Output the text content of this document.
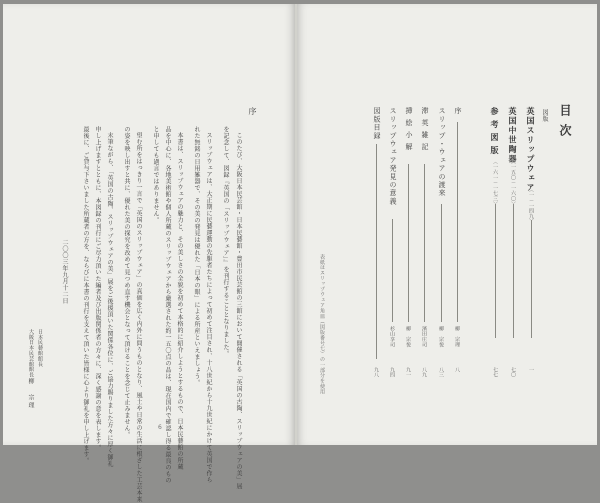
序
このたび、大阪日本民芸館・日本民藝館・豊田市民芸館の三館において開催される「英国の古陶、スリップウェアの美」展
を記念して、図録『英国の「スリップウェア」』を刊行することとなりました。
スリップウェアは、大正期に民藝運動の先駆者たちによって初めて注目され、十八世紀から十九世紀にかけて英国で作ら
れた無銘の日用雑器で、その美の発見は優れた「日本の眼」による所産といえましょう。
本書は、スリップウェアの魅力と、その美しさの全貌を初めて本格的に紹介しようとするもので、日本民藝館の所蔵
品を中心に、各地美術館や個人所蔵のスリップウェアから厳選された約一五〇点の品は、現在国内で確認し得る最良のもの
と申しても過言ではありません。
望む所をはっきり一言で「英国のスリップウェア」の真価を広く内外に問うものとなり、風土や日常の生活に根ざした工芸本来
の姿を映し出すと共に、優れた美の探究を改めて見つめ直す機会となって頂けることを念じて止みません。
末筆ながら、「英国の古陶、スリップウェアの美」展をご後援頂いた関係各位に、ご協力賜りました方々に厚く御礼
申し上げますとともに、本図録の刊行にご尽力頂いた編者及び出版関係者の方々に、深く感謝の意を表します。
最後に、ご貸与下さいました所蔵者の方を、ならびに本書の刊行を支えて頂いた皆様に心より御礼を申し上げます。
二〇〇三年九月十二日
日本民藝館館長
大阪日本民芸館館長
柳　宗理
6
目次
図版
英国スリップウェア
〈一－一四九〉
一
英国中世陶器
〈一五〇－一六〇〉
七〇
参考図版
〈一六一－一七三〉
七七
序
柳　宗理
八
スリップ・ウェアの渡来
柳　宗悦
八三
滞英雑記
濱田庄司
八九
挿絵小解
柳　宗悦
九一
スリップウェア発見の意義
杉山享司
九四
図版目録
九八
表紙はスリップウェア角皿（図版番号七）の一部分を使用
